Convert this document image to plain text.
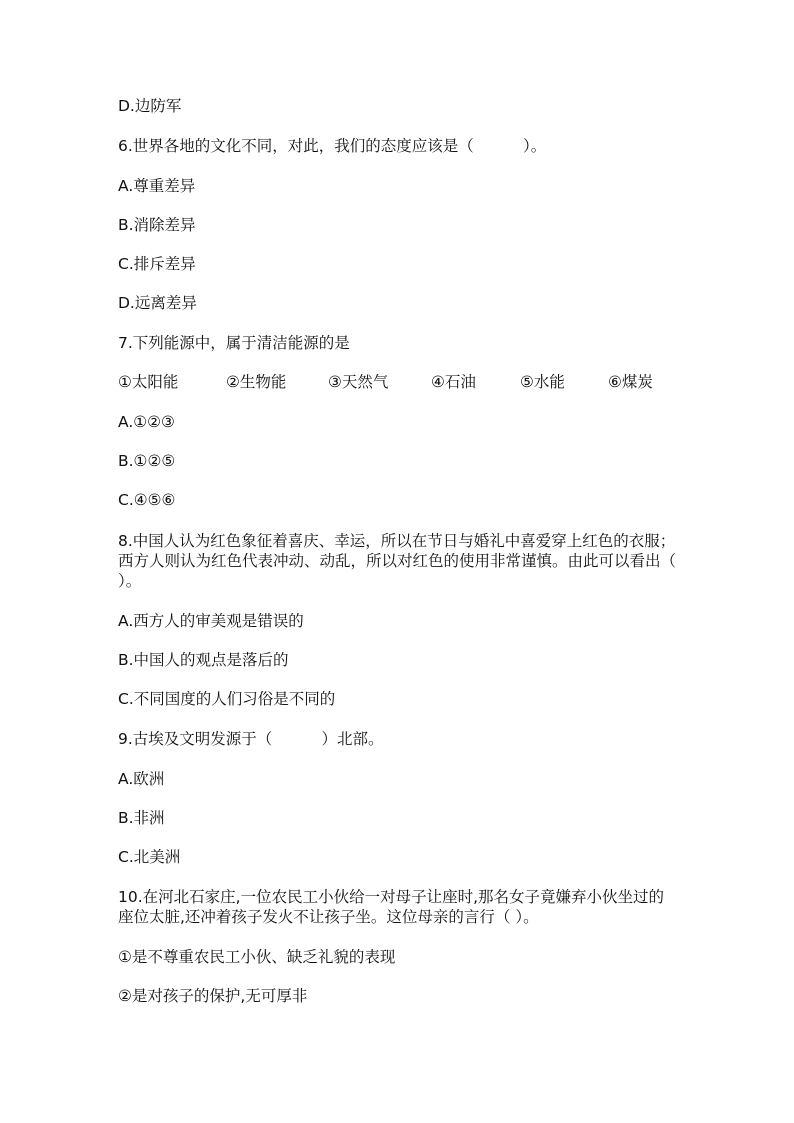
D.边防军
6.世界各地的文化不同，对此，我们的态度应该是（          ）。
A.尊重差异
B.消除差异
C.排斥差异
D.远离差异
7.下列能源中，属于清洁能源的是
①太阳能	②生物能	③天然气	④石油	⑤水能	⑥煤炭
A.①②③
B.①②⑤
C.④⑤⑥
8.中国人认为红色象征着喜庆、幸运，所以在节日与婚礼中喜爱穿上红色的衣服；西方人则认为红色代表冲动、动乱，所以对红色的使用非常谨慎。由此可以看出（ ）。
A.西方人的审美观是错误的
B.中国人的观点是落后的
C.不同国度的人们习俗是不同的
9.古埃及文明发源于（          ）北部。
A.欧洲
B.非洲
C.北美洲
10.在河北石家庄,一位农民工小伙给一对母子让座时,那名女子竟嫌弃小伙坐过的座位太脏,还冲着孩子发火不让孩子坐。这位母亲的言行（ ）。
①是不尊重农民工小伙、缺乏礼貌的表现
②是对孩子的保护,无可厚非
